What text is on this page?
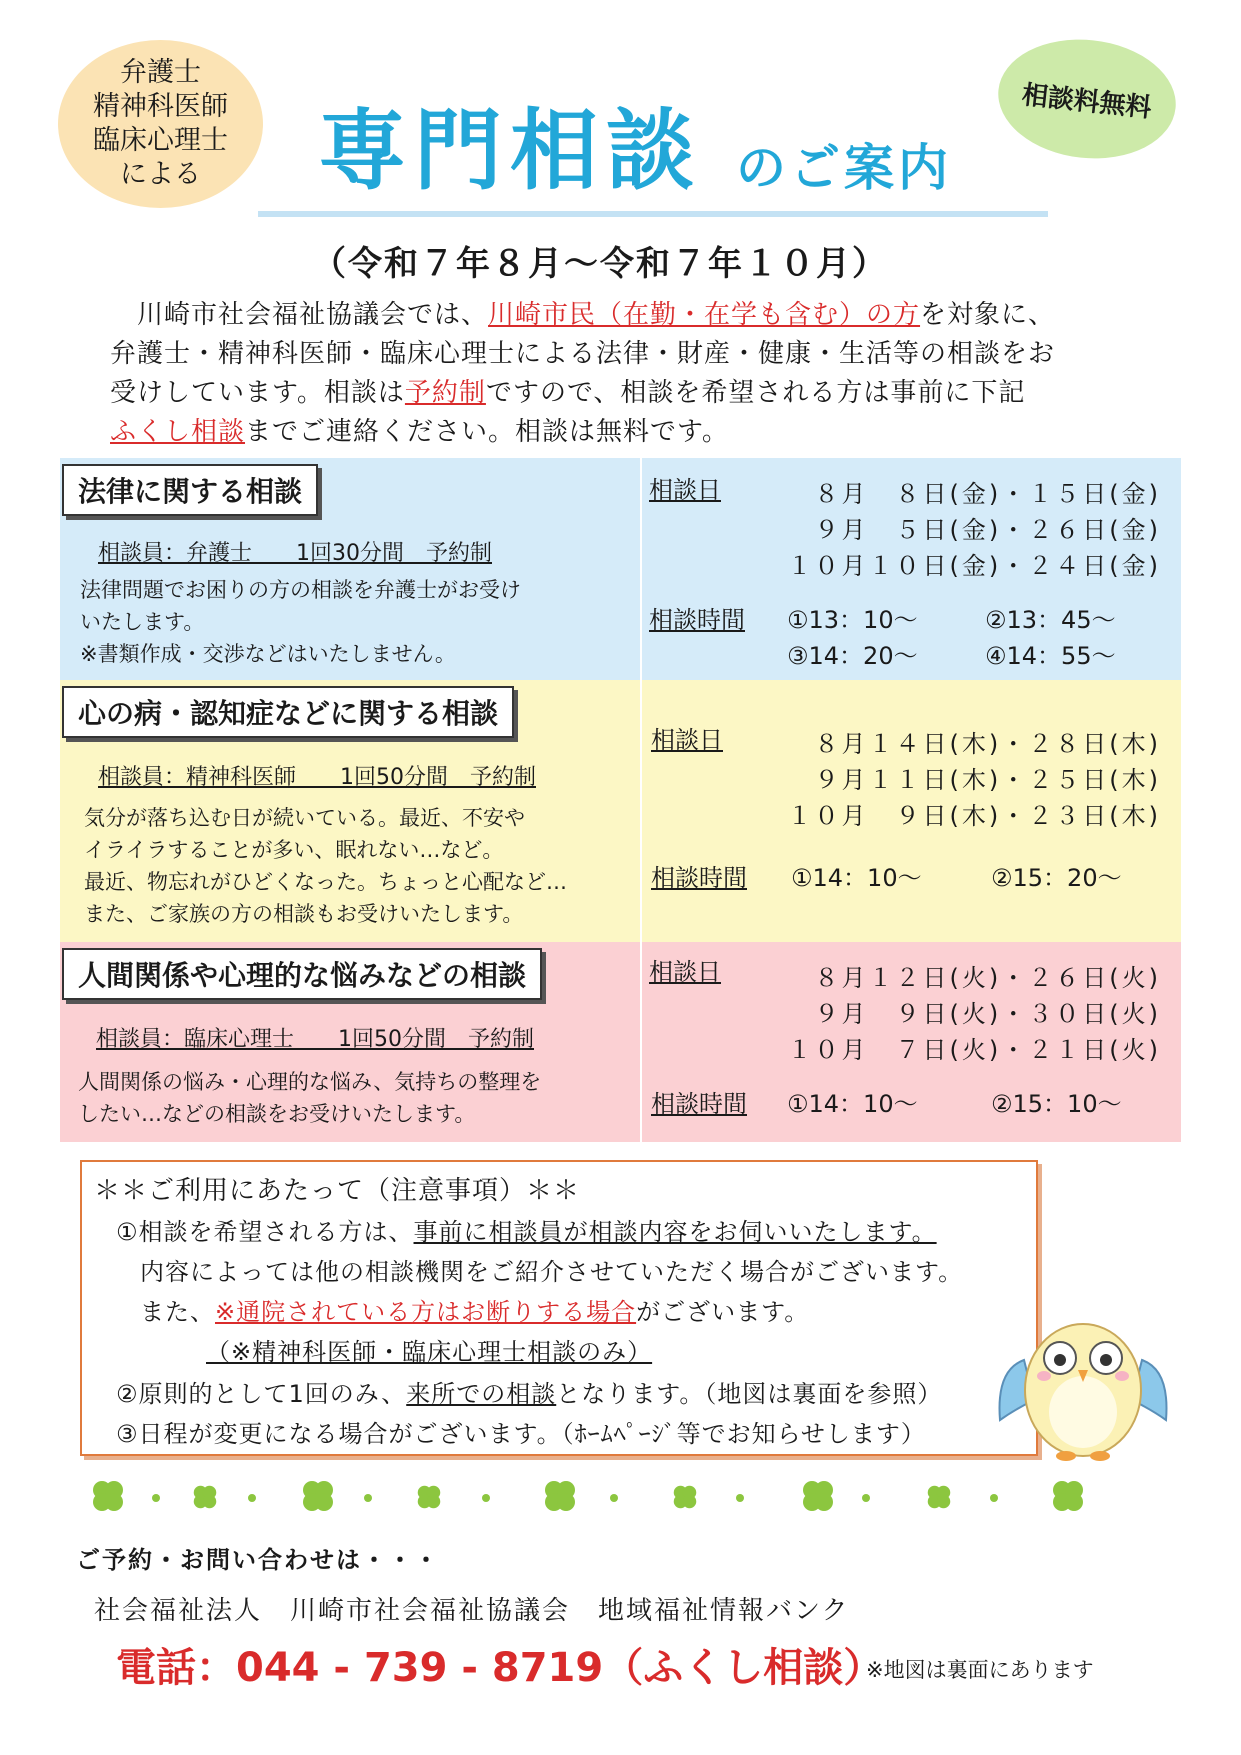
弁護士
精神科医師
臨床心理士
による
相談料無料
専門相談 のご案内
（令和７年８月～令和７年１０月）

　川崎市社会福祉協議会では、川崎市民（在勤・在学も含む）の方を対象に、

弁護士・精神科医師・臨床心理士による法律・財産・健康・生活等の相談をお

受けしています。相談は予約制ですので、相談を希望される方は事前に下記

ふくし相談までご連絡ください。相談は無料です。

法律に関する相談
相談員：弁護士　　1回30分間　予約制
法律問題でお困りの方の相談を弁護士がお受け
いたします。
※書類作成・交渉などはいたしません。
相談日	８月　８日(金)・１５日(金)
９月　５日(金)・２６日(金)
１０月１０日(金)・２４日(金)
相談時間 ①13：10～	②13：45～
③14：20～	④14：55～
心の病・認知症などに関する相談
相談員：精神科医師　　1回50分間　予約制
気分が落ち込む日が続いている。最近、不安や
イライラすることが多い、眠れない…など。
最近、物忘れがひどくなった。ちょっと心配など…
また、ご家族の方の相談もお受けいたします。
相談日	８月１４日(木)・２８日(木)
９月１１日(木)・２５日(木)
１０月　９日(木)・２３日(木)
相談時間 ①14：10～	②15：20～
人間関係や心理的な悩みなどの相談
相談員：臨床心理士　　1回50分間　予約制
人間関係の悩み・心理的な悩み、気持ちの整理を
したい…などの相談をお受けいたします。
相談日	８月１２日(火)・２６日(火)
９月　９日(火)・３０日(火)
１０月　７日(火)・２１日(火)
相談時間 ①14：10～	②15：10～
＊＊ご利用にあたって（注意事項）＊＊
①相談を希望される方は、事前に相談員が相談内容をお伺いいたします。
内容によっては他の相談機関をご紹介させていただく場合がございます。
また、※通院されている方はお断りする場合がございます。
（※精神科医師・臨床心理士相談のみ）
②原則的として1回のみ、来所での相談となります。（地図は裏面を参照）
③日程が変更になる場合がございます。（ﾎｰﾑﾍﾟｰｼﾞ等でお知らせします）
ご予約・お問い合わせは・・・
社会福祉法人　川崎市社会福祉協議会　地域福祉情報バンク
電話：044 - 739 - 8719（ふくし相談）
※地図は裏面にあります
